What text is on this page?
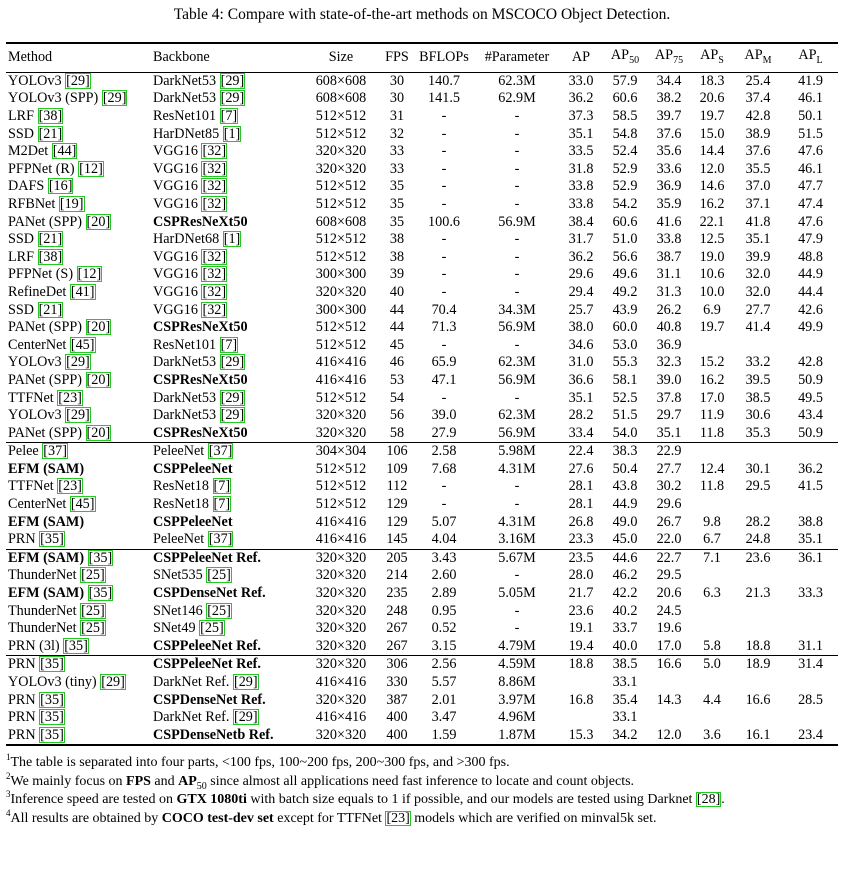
Table 4: Compare with state-of-the-art methods on MSCOCO Object Detection.
Method	Backbone	Size	FPS	BFLOPs	#Parameter	AP	$AP_{50}$	$AP_{75}$	$AP_S$	$AP_M$	$AP_L$
YOLOv3 [29]	DarkNet53 [29]	608×608	30	140.7	62.3M	33.0	57.9	34.4	18.3	25.4	41.9
YOLOv3 (SPP) [29]	DarkNet53 [29]	608×608	30	141.5	62.9M	36.2	60.6	38.2	20.6	37.4	46.1
LRF [38]	ResNet101 [7]	512×512	31	-	-	37.3	58.5	39.7	19.7	42.8	50.1
SSD [21]	HarDNet85 [1]	512×512	32	-	-	35.1	54.8	37.6	15.0	38.9	51.5
M2Det [44]	VGG16 [32]	320×320	33	-	-	33.5	52.4	35.6	14.4	37.6	47.6
PFPNet (R) [12]	VGG16 [32]	320×320	33	-	-	31.8	52.9	33.6	12.0	35.5	46.1
DAFS [16]	VGG16 [32]	512×512	35	-	-	33.8	52.9	36.9	14.6	37.0	47.7
RFBNet [19]	VGG16 [32]	512×512	35	-	-	33.8	54.2	35.9	16.2	37.1	47.4
PANet (SPP) [20]	CSPResNeXt50	608×608	35	100.6	56.9M	38.4	60.6	41.6	22.1	41.8	47.6
SSD [21]	HarDNet68 [1]	512×512	38	-	-	31.7	51.0	33.8	12.5	35.1	47.9
LRF [38]	VGG16 [32]	512×512	38	-	-	36.2	56.6	38.7	19.0	39.9	48.8
PFPNet (S) [12]	VGG16 [32]	300×300	39	-	-	29.6	49.6	31.1	10.6	32.0	44.9
RefineDet [41]	VGG16 [32]	320×320	40	-	-	29.4	49.2	31.3	10.0	32.0	44.4
SSD [21]	VGG16 [32]	300×300	44	70.4	34.3M	25.7	43.9	26.2	6.9	27.7	42.6
PANet (SPP) [20]	CSPResNeXt50	512×512	44	71.3	56.9M	38.0	60.0	40.8	19.7	41.4	49.9
CenterNet [45]	ResNet101 [7]	512×512	45	-	-	34.6	53.0	36.9			
YOLOv3 [29]	DarkNet53 [29]	416×416	46	65.9	62.3M	31.0	55.3	32.3	15.2	33.2	42.8
PANet (SPP) [20]	CSPResNeXt50	416×416	53	47.1	56.9M	36.6	58.1	39.0	16.2	39.5	50.9
TTFNet [23]	DarkNet53 [29]	512×512	54	-	-	35.1	52.5	37.8	17.0	38.5	49.5
YOLOv3 [29]	DarkNet53 [29]	320×320	56	39.0	62.3M	28.2	51.5	29.7	11.9	30.6	43.4
PANet (SPP) [20]	CSPResNeXt50	320×320	58	27.9	56.9M	33.4	54.0	35.1	11.8	35.3	50.9
Pelee [37]	PeleeNet [37]	304×304	106	2.58	5.98M	22.4	38.3	22.9			
EFM (SAM)	CSPPeleeNet	512×512	109	7.68	4.31M	27.6	50.4	27.7	12.4	30.1	36.2
TTFNet [23]	ResNet18 [7]	512×512	112	-	-	28.1	43.8	30.2	11.8	29.5	41.5
CenterNet [45]	ResNet18 [7]	512×512	129	-	-	28.1	44.9	29.6			
EFM (SAM)	CSPPeleeNet	416×416	129	5.07	4.31M	26.8	49.0	26.7	9.8	28.2	38.8
PRN [35]	PeleeNet [37]	416×416	145	4.04	3.16M	23.3	45.0	22.0	6.7	24.8	35.1
EFM (SAM) [35]	CSPPeleeNet Ref.	320×320	205	3.43	5.67M	23.5	44.6	22.7	7.1	23.6	36.1
ThunderNet [25]	SNet535 [25]	320×320	214	2.60	-	28.0	46.2	29.5			
EFM (SAM) [35]	CSPDenseNet Ref.	320×320	235	2.89	5.05M	21.7	42.2	20.6	6.3	21.3	33.3
ThunderNet [25]	SNet146 [25]	320×320	248	0.95	-	23.6	40.2	24.5			
ThunderNet [25]	SNet49 [25]	320×320	267	0.52	-	19.1	33.7	19.6			
PRN (3l) [35]	CSPPeleeNet Ref.	320×320	267	3.15	4.79M	19.4	40.0	17.0	5.8	18.8	31.1
PRN [35]	CSPPeleeNet Ref.	320×320	306	2.56	4.59M	18.8	38.5	16.6	5.0	18.9	31.4
YOLOv3 (tiny) [29]	DarkNet Ref. [29]	416×416	330	5.57	8.86M		33.1				
PRN [35]	CSPDenseNet Ref.	320×320	387	2.01	3.97M	16.8	35.4	14.3	4.4	16.6	28.5
PRN [35]	DarkNet Ref. [29]	416×416	400	3.47	4.96M		33.1				
PRN [35]	CSPDenseNetb Ref.	320×320	400	1.59	1.87M	15.3	34.2	12.0	3.6	16.1	23.4
$^1$The table is separated into four parts, <100 fps, 100~200 fps, 200~300 fps, and >300 fps.
$^2$We mainly focus on FPS and $AP_{50}$ since almost all applications need fast inference to locate and count objects.
$^3$Inference speed are tested on GTX 1080ti with batch size equals to 1 if possible, and our models are tested using Darknet [28].
$^4$All results are obtained by COCO test-dev set except for TTFNet [23] models which are verified on minval5k set.
